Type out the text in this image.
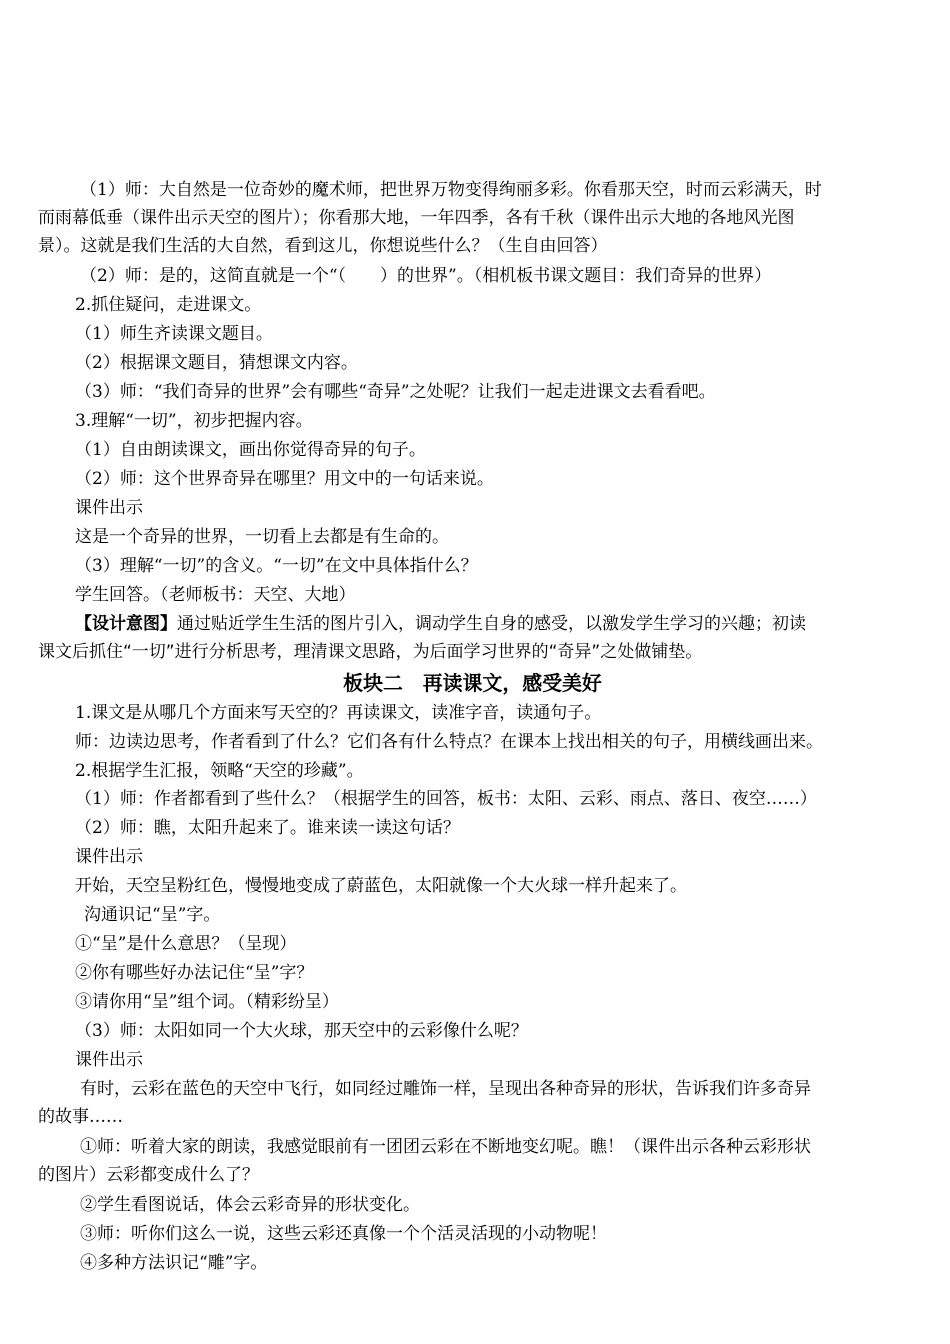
（1）师：大自然是一位奇妙的魔术师，把世界万物变得绚丽多彩。你看那天空，时而云彩满天，时
而雨幕低垂（课件出示天空的图片）；你看那大地，一年四季，各有千秋（课件出示大地的各地风光图
景）。这就是我们生活的大自然，看到这儿，你想说些什么？（生自由回答）
（2）师：是的，这简直就是一个“（　　）的世界”。（相机板书课文题目：我们奇异的世界）
2.抓住疑问，走进课文。
（1）师生齐读课文题目。
（2）根据课文题目，猜想课文内容。
（3）师：“我们奇异的世界”会有哪些“奇异”之处呢？让我们一起走进课文去看看吧。
3.理解“一切”，初步把握内容。
（1）自由朗读课文，画出你觉得奇异的句子。
（2）师：这个世界奇异在哪里？用文中的一句话来说。
课件出示
这是一个奇异的世界，一切看上去都是有生命的。
（3）理解“一切”的含义。“一切”在文中具体指什么？
学生回答。（老师板书：天空、大地）
【设计意图】通过贴近学生生活的图片引入，调动学生自身的感受，以激发学生学习的兴趣；初读
课文后抓住“一切”进行分析思考，理清课文思路，为后面学习世界的“奇异”之处做铺垫。
板块二　再读课文，感受美好
1.课文是从哪几个方面来写天空的？再读课文，读准字音，读通句子。
师：边读边思考，作者看到了什么？它们各有什么特点？在课本上找出相关的句子，用横线画出来。
2.根据学生汇报，领略“天空的珍藏”。
（1）师：作者都看到了些什么？（根据学生的回答，板书：太阳、云彩、雨点、落日、夜空……）
（2）师：瞧，太阳升起来了。谁来读一读这句话？
课件出示
开始，天空呈粉红色，慢慢地变成了蔚蓝色，太阳就像一个大火球一样升起来了。
沟通识记“呈”字。
①“呈”是什么意思？（呈现）
②你有哪些好办法记住“呈”字？
③请你用“呈”组个词。（精彩纷呈）
（3）师：太阳如同一个大火球，那天空中的云彩像什么呢？
课件出示
有时，云彩在蓝色的天空中飞行，如同经过雕饰一样，呈现出各种奇异的形状，告诉我们许多奇异
的故事……
①师：听着大家的朗读，我感觉眼前有一团团云彩在不断地变幻呢。瞧！（课件出示各种云彩形状
的图片）云彩都变成什么了？
②学生看图说话，体会云彩奇异的形状变化。
③师：听你们这么一说，这些云彩还真像一个个活灵活现的小动物呢！
④多种方法识记“雕”字。
